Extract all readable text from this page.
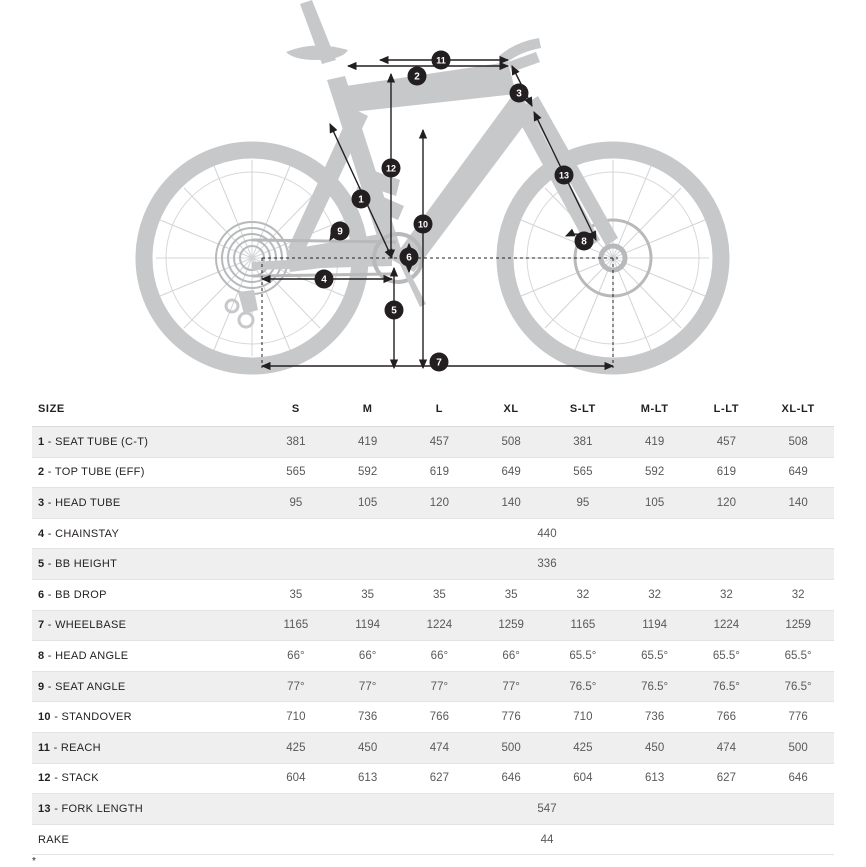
1
2
3
4
5
6
7
8
9
10
11
12
13
SIZE	S	M	L	XL	S-LT	M-LT	L-LT	XL-LT
1 - SEAT TUBE (C-T)	381	419	457	508	381	419	457	508
2 - TOP TUBE (EFF)	565	592	619	649	565	592	619	649
3 - HEAD TUBE	95	105	120	140	95	105	120	140
4 - CHAINSTAY	440							
5 - BB HEIGHT	336							
6 - BB DROP	35	35	35	35	32	32	32	32
7 - WHEELBASE	1165	1194	1224	1259	1165	1194	1224	1259
8 - HEAD ANGLE	66°	66°	66°	66°	65.5°	65.5°	65.5°	65.5°
9 - SEAT ANGLE	77°	77°	77°	77°	76.5°	76.5°	76.5°	76.5°
10 - STANDOVER	710	736	766	776	710	736	766	776
11 - REACH	425	450	474	500	425	450	474	500
12 - STACK	604	613	627	646	604	613	627	646
13 - FORK LENGTH	547							
RAKE	44							
*
